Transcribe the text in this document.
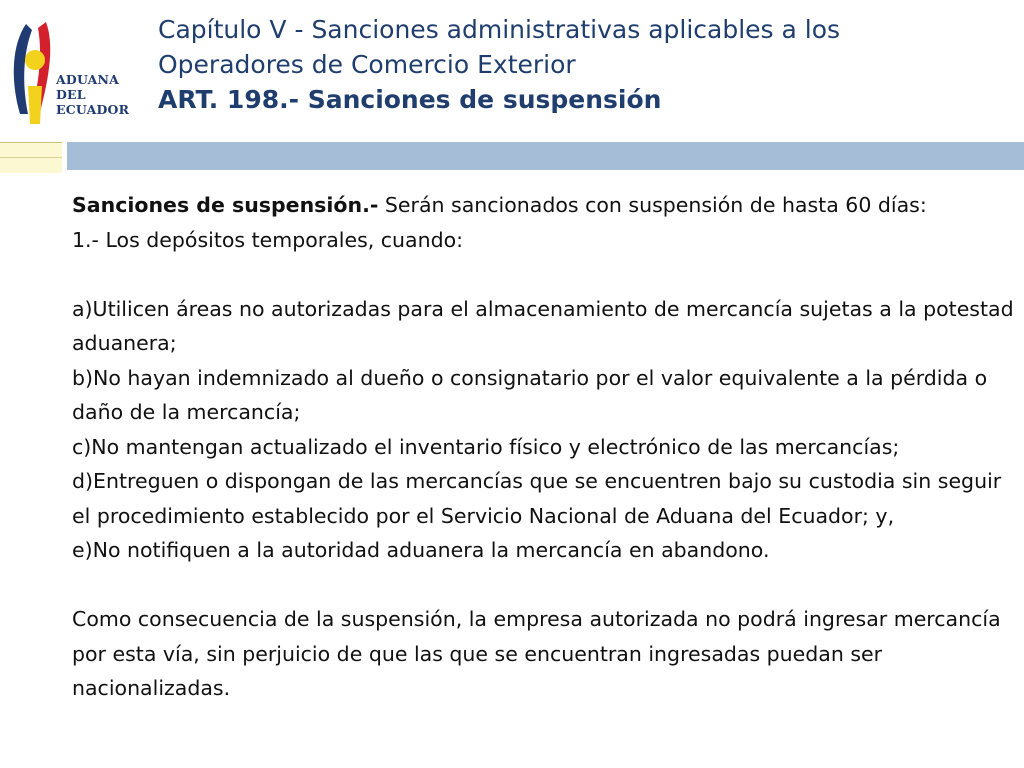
ADUANA
DEL
ECUADOR
Capítulo V - Sanciones administrativas aplicables a los
Operadores de Comercio Exterior
ART. 198.- Sanciones de suspensión

Sanciones de suspensión.- Serán sancionados con suspensión de hasta 60 días:

1.- Los depósitos temporales, cuando:

a)Utilicen áreas no autorizadas para el almacenamiento de mercancía sujetas a la potestad aduanera;

b)No hayan indemnizado al dueño o consignatario por el valor equivalente a la pérdida o daño de la mercancía;

c)No mantengan actualizado el inventario físico y electrónico de las mercancías;

d)Entreguen o dispongan de las mercancías que se encuentren bajo su custodia sin seguir el procedimiento establecido por el Servicio Nacional de Aduana del Ecuador; y,

e)No notifiquen a la autoridad aduanera la mercancía en abandono.

Como consecuencia de la suspensión, la empresa autorizada no podrá ingresar mercancía por esta vía, sin perjuicio de que las que se encuentran ingresadas puedan ser nacionalizadas.
